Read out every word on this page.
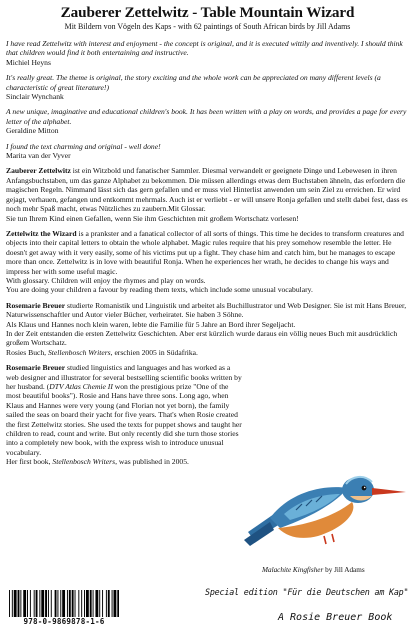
Zauberer Zettelwitz - Table Mountain Wizard

Mit Bildern von Vögeln des Kaps - with 62 paintings of South African birds by Jill Adams

I have read Zettelwitz with interest and enjoyment - the concept is original, and it is executed wittily and inventively. I should think that children would find it both entertaining and instructive.
Michiel Heyns
It's really great. The theme is original, the story exciting and the whole work can be appreciated on many different levels (a characteristic of great literature!)
Sinclair Wynchank
A new unique, imaginative and educational children's book. It has been written with a play on words, and provides a page for every letter of the alphabet.
Geraldine Mitton
I found the text charming and original - well done!
Marita van der Vyver

Zauberer Zettelwitz ist ein Witzbold und fanatischer Sammler. Diesmal verwandelt er geeignete Dinge und Lebewesen in ihren Anfangsbuchstaben, um das ganze Alphabet zu bekommen. Die müssen allerdings etwas dem Buchstaben ähneln, das erfordern die magischen Regeln. Nimmand lässt sich das gern gefallen und er muss viel Hinterlist anwenden um sein Ziel zu erreichen. Er wird gejagt, verhauen, gefangen und entkommt mehrmals. Auch ist er verliebt - er will unsere Ronja gefallen und stellt dabei fest, dass es noch mehr Spaß macht, etwas Nützliches zu zaubern.Mit Glossar.
Sie tun Ihrem Kind einen Gefallen, wenn Sie ihm Geschichten mit großem Wortschatz vorlesen!

Zettelwitz the Wizard is a prankster and a fanatical collector of all sorts of things. This time he decides to transform creatures and objects into their capital letters to obtain the whole alphabet. Magic rules require that his prey somehow resemble the letter. He doesn't get away with it very easily, some of his victims put up a fight. They chase him and catch him, but he manages to escape more than once. Zettelwitz is in love with beautiful Ronja. When he experiences her wrath, he decides to change his ways and impress her with some useful magic.
With glossary. Children will enjoy the rhymes and play on words.
You are doing your children a favour by reading them texts, which include some unusual vocabulary.

Rosemarie Breuer studierte Romanistik und Linguistik und arbeitet als Buchillustrator und Web Designer. Sie ist mit Hans Breuer, Naturwissenschaftler und Autor vieler Bücher, verheiratet. Sie haben 3 Söhne.
Als Klaus und Hannes noch klein waren, lebte die Familie für 5 Jahre an Bord ihrer Segeljacht.
In der Zeit entstanden die ersten Zettelwitz Geschichten. Aber erst kürzlich wurde daraus ein völlig neues Buch mit ausdrücklich großem Wortschatz.
Rosies Buch, Stellenbosch Writers, erschien 2005 in Südafrika.

Rosemarie Breuer studied linguistics and languages and has worked as a web designer and illustrator for several bestselling scientific books written by her husband. (DTV Atlas Chemie II won the prestigious prize "One of the most beautiful books"). Rosie and Hans have three sons. Long ago, when Klaus and Hannes were very young (and Florian not yet born), the family sailed the seas on board their yacht for five years. That's when Rosie created the first Zettelwitz stories. She used the texts for puppet shows and taught her children to read, count and write. But only recently did she turn those stories into a completely new book, with the express wish to introduce unusual vocabulary.
Her first book, Stellenbosch Writers, was published in 2005.

Malachite Kingfisher by Jill Adams
Special edition "Für die Deutschen am Kap"
A Rosie Breuer Book
978-0-9869878-1-6
